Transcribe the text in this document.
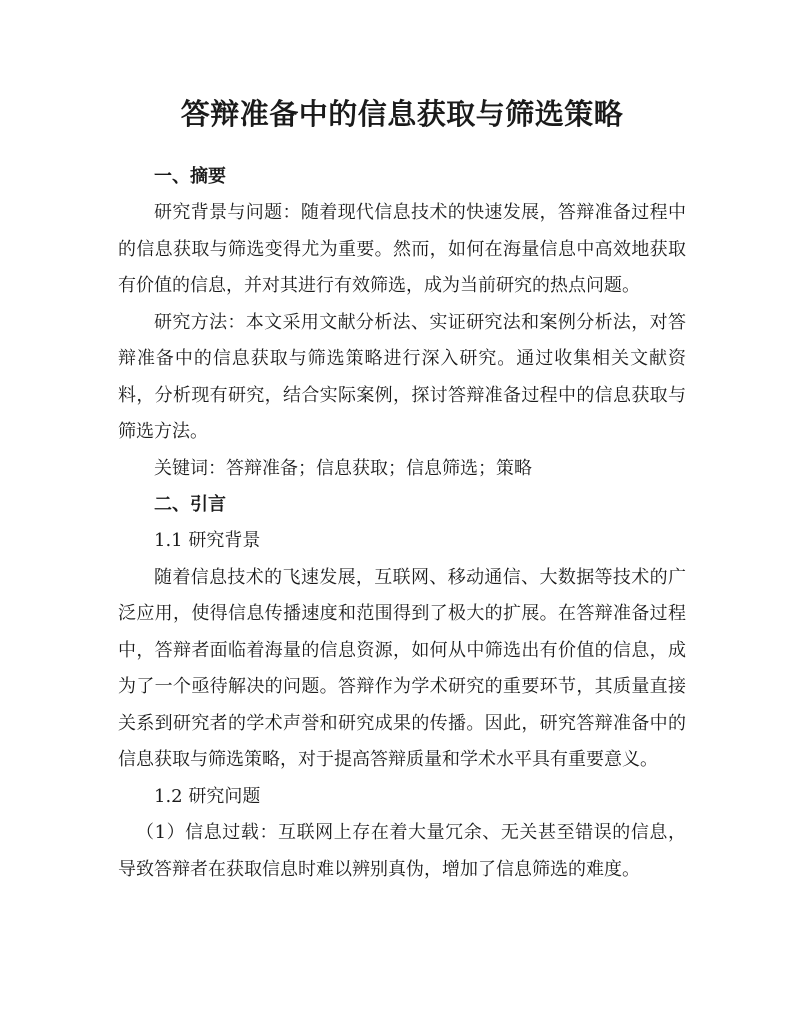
答辩准备中的信息获取与筛选策略

一、摘要

研究背景与问题：随着现代信息技术的快速发展，答辩准备过程中的信息获取与筛选变得尤为重要。然而，如何在海量信息中高效地获取有价值的信息，并对其进行有效筛选，成为当前研究的热点问题。

研究方法：本文采用文献分析法、实证研究法和案例分析法，对答辩准备中的信息获取与筛选策略进行深入研究。通过收集相关文献资料，分析现有研究，结合实际案例，探讨答辩准备过程中的信息获取与筛选方法。

关键词：答辩准备；信息获取；信息筛选；策略

二、引言

1.1 研究背景

随着信息技术的飞速发展，互联网、移动通信、大数据等技术的广泛应用，使得信息传播速度和范围得到了极大的扩展。在答辩准备过程中，答辩者面临着海量的信息资源，如何从中筛选出有价值的信息，成为了一个亟待解决的问题。答辩作为学术研究的重要环节，其质量直接关系到研究者的学术声誉和研究成果的传播。因此，研究答辩准备中的信息获取与筛选策略，对于提高答辩质量和学术水平具有重要意义。

1.2 研究问题

（1）信息过载：互联网上存在着大量冗余、无关甚至错误的信息，导致答辩者在获取信息时难以辨别真伪，增加了信息筛选的难度。
